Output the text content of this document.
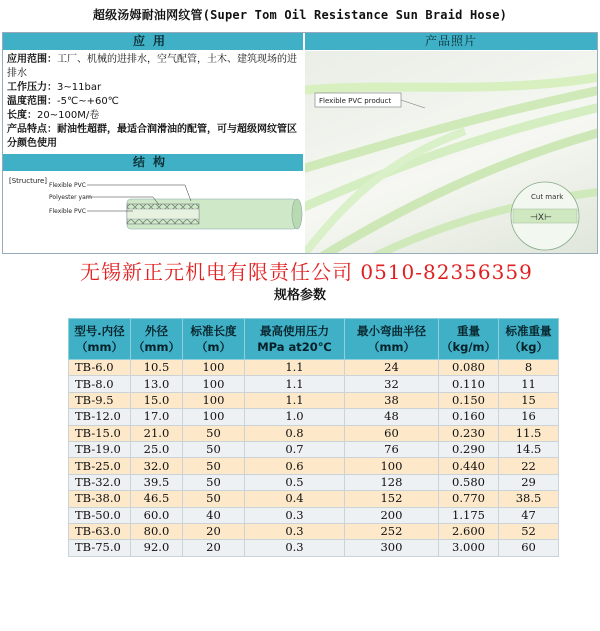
超级汤姆耐油网纹管(Super Tom Oil Resistance Sun Braid Hose)
应用

应用范围：工厂、机械的进排水，空气配管，土木、建筑现场的进排水

工作压力：3~11bar

温度范围：-5℃~+60℃

长度：20~100M/卷

产品特点：耐油性超群，最适合润滑油的配管，可与超级网纹管区分颜色使用

结构
[Structure]
Flexible PVC
Polyester yarn
Flexible PVC
产品照片
Flexible PVC product
Cut mark
⊣X⊢
无锡新正元机电有限责任公司 0510-82356359
规格参数
型号.内径（mm）	外径（mm）	标准长度（m）	最高使用压力MPa at20℃	最小弯曲半径（mm）	重量（kg/m）	标准重量（kg）
TB-6.0	10.5	100	1.1	24	0.080	8
TB-8.0	13.0	100	1.1	32	0.110	11
TB-9.5	15.0	100	1.1	38	0.150	15
TB-12.0	17.0	100	1.0	48	0.160	16
TB-15.0	21.0	50	0.8	60	0.230	11.5
TB-19.0	25.0	50	0.7	76	0.290	14.5
TB-25.0	32.0	50	0.6	100	0.440	22
TB-32.0	39.5	50	0.5	128	0.580	29
TB-38.0	46.5	50	0.4	152	0.770	38.5
TB-50.0	60.0	40	0.3	200	1.175	47
TB-63.0	80.0	20	0.3	252	2.600	52
TB-75.0	92.0	20	0.3	300	3.000	60
